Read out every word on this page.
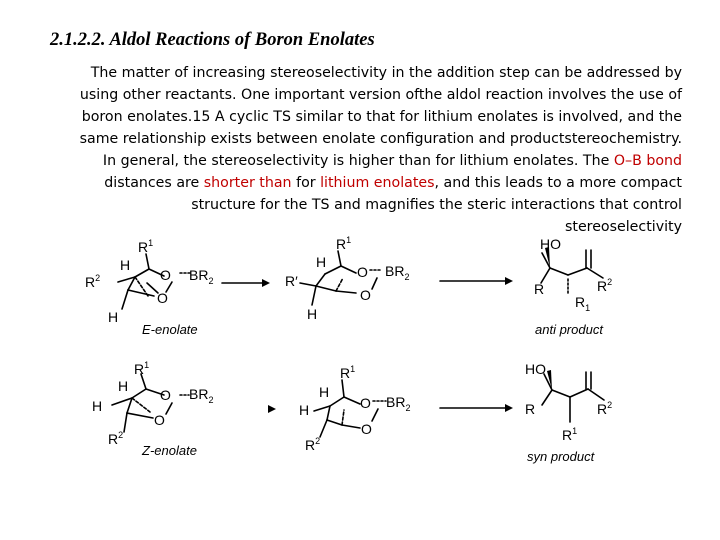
2.1.2.2. Aldol Reactions of Boron Enolates
The matter of increasing stereoselectivity in the addition step can be addressed by
using other reactants. One important version ofthe aldol reaction involves the use of
boron enolates.15 A cyclic TS similar to that for lithium enolates is involved, and the
same relationship exists between enolate configuration and productstereochemistry.
In general, the stereoselectivity is higher than for lithium enolates. The O–B bond
distances are shorter than for lithium enolates, and this leads to a more compact
structure for the TS and magnifies the steric interactions that control
stereoselectivity
$R^1$
H
$R^2$	O $BR_2$
O
H
E-enolate
$R^1$
H
R′
O $BR_2$
O
H
HO
R	$R^2$
$R_1$
anti product
$R^1$
H
H
O $BR_2$
O
$R^2$
Z-enolate
$R^1$
H
H	O $BR_2$
O
$R^2$
HO
R	$R^2$
$R^1$
syn product
